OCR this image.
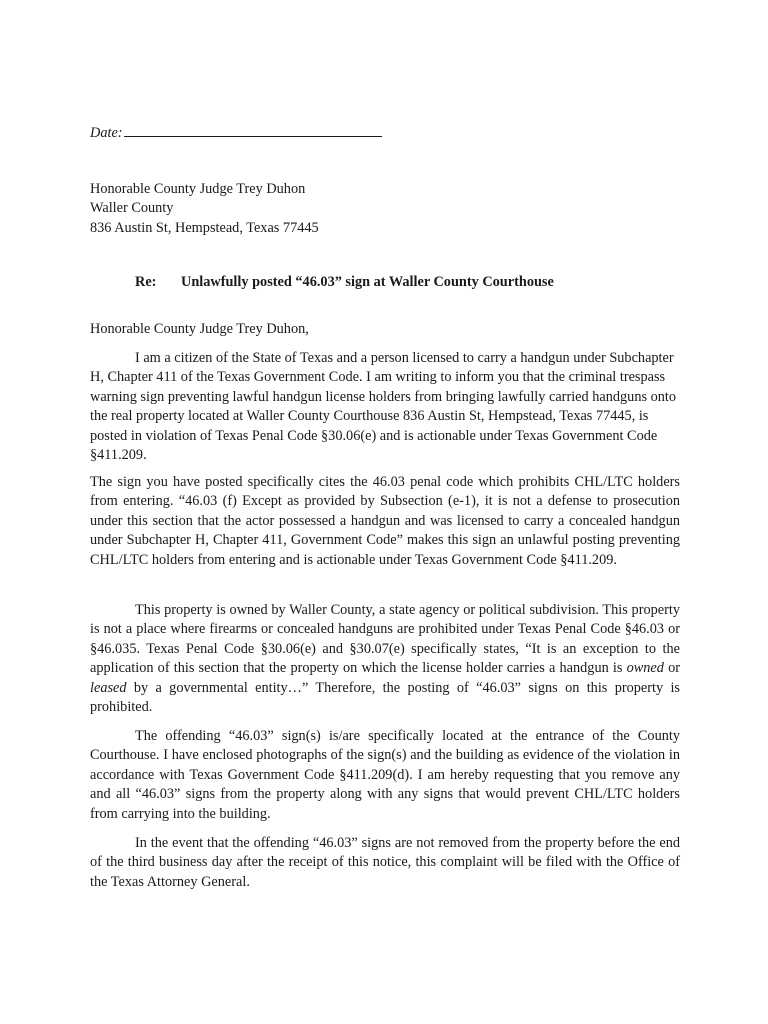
Date:
Honorable County Judge Trey Duhon
Waller County
836 Austin St, Hempstead, Texas 77445
Re: Unlawfully posted “46.03” sign at Waller County Courthouse
Honorable County Judge Trey Duhon,

I am a citizen of the State of Texas and a person licensed to carry a handgun under Subchapter H, Chapter 411 of the Texas Government Code. I am writing to inform you that the criminal trespass warning sign preventing lawful handgun license holders from bringing lawfully carried handguns onto the real property located at Waller County Courthouse 836 Austin St, Hempstead, Texas 77445, is posted in violation of Texas Penal Code §30.06(e) and is actionable under Texas Government Code §411.209.

The sign you have posted specifically cites the 46.03 penal code which prohibits CHL/LTC holders from entering. “46.03 (f) Except as provided by Subsection (e-1), it is not a defense to prosecution under this section that the actor possessed a handgun and was licensed to carry a concealed handgun under Subchapter H, Chapter 411, Government Code” makes this sign an unlawful posting preventing CHL/LTC holders from entering and is actionable under Texas Government Code §411.209.

This property is owned by Waller County, a state agency or political subdivision. This property is not a place where firearms or concealed handguns are prohibited under Texas Penal Code §46.03 or §46.035. Texas Penal Code §30.06(e) and §30.07(e) specifically states, “It is an exception to the application of this section that the property on which the license holder carries a handgun is owned or leased by a governmental entity…” Therefore, the posting of “46.03” signs on this property is prohibited.

The offending “46.03” sign(s) is/are specifically located at the entrance of the County Courthouse. I have enclosed photographs of the sign(s) and the building as evidence of the violation in accordance with Texas Government Code §411.209(d). I am hereby requesting that you remove any and all “46.03” signs from the property along with any signs that would prevent CHL/LTC holders from carrying into the building.

In the event that the offending “46.03” signs are not removed from the property before the end of the third business day after the receipt of this notice, this complaint will be filed with the Office of the Texas Attorney General.
